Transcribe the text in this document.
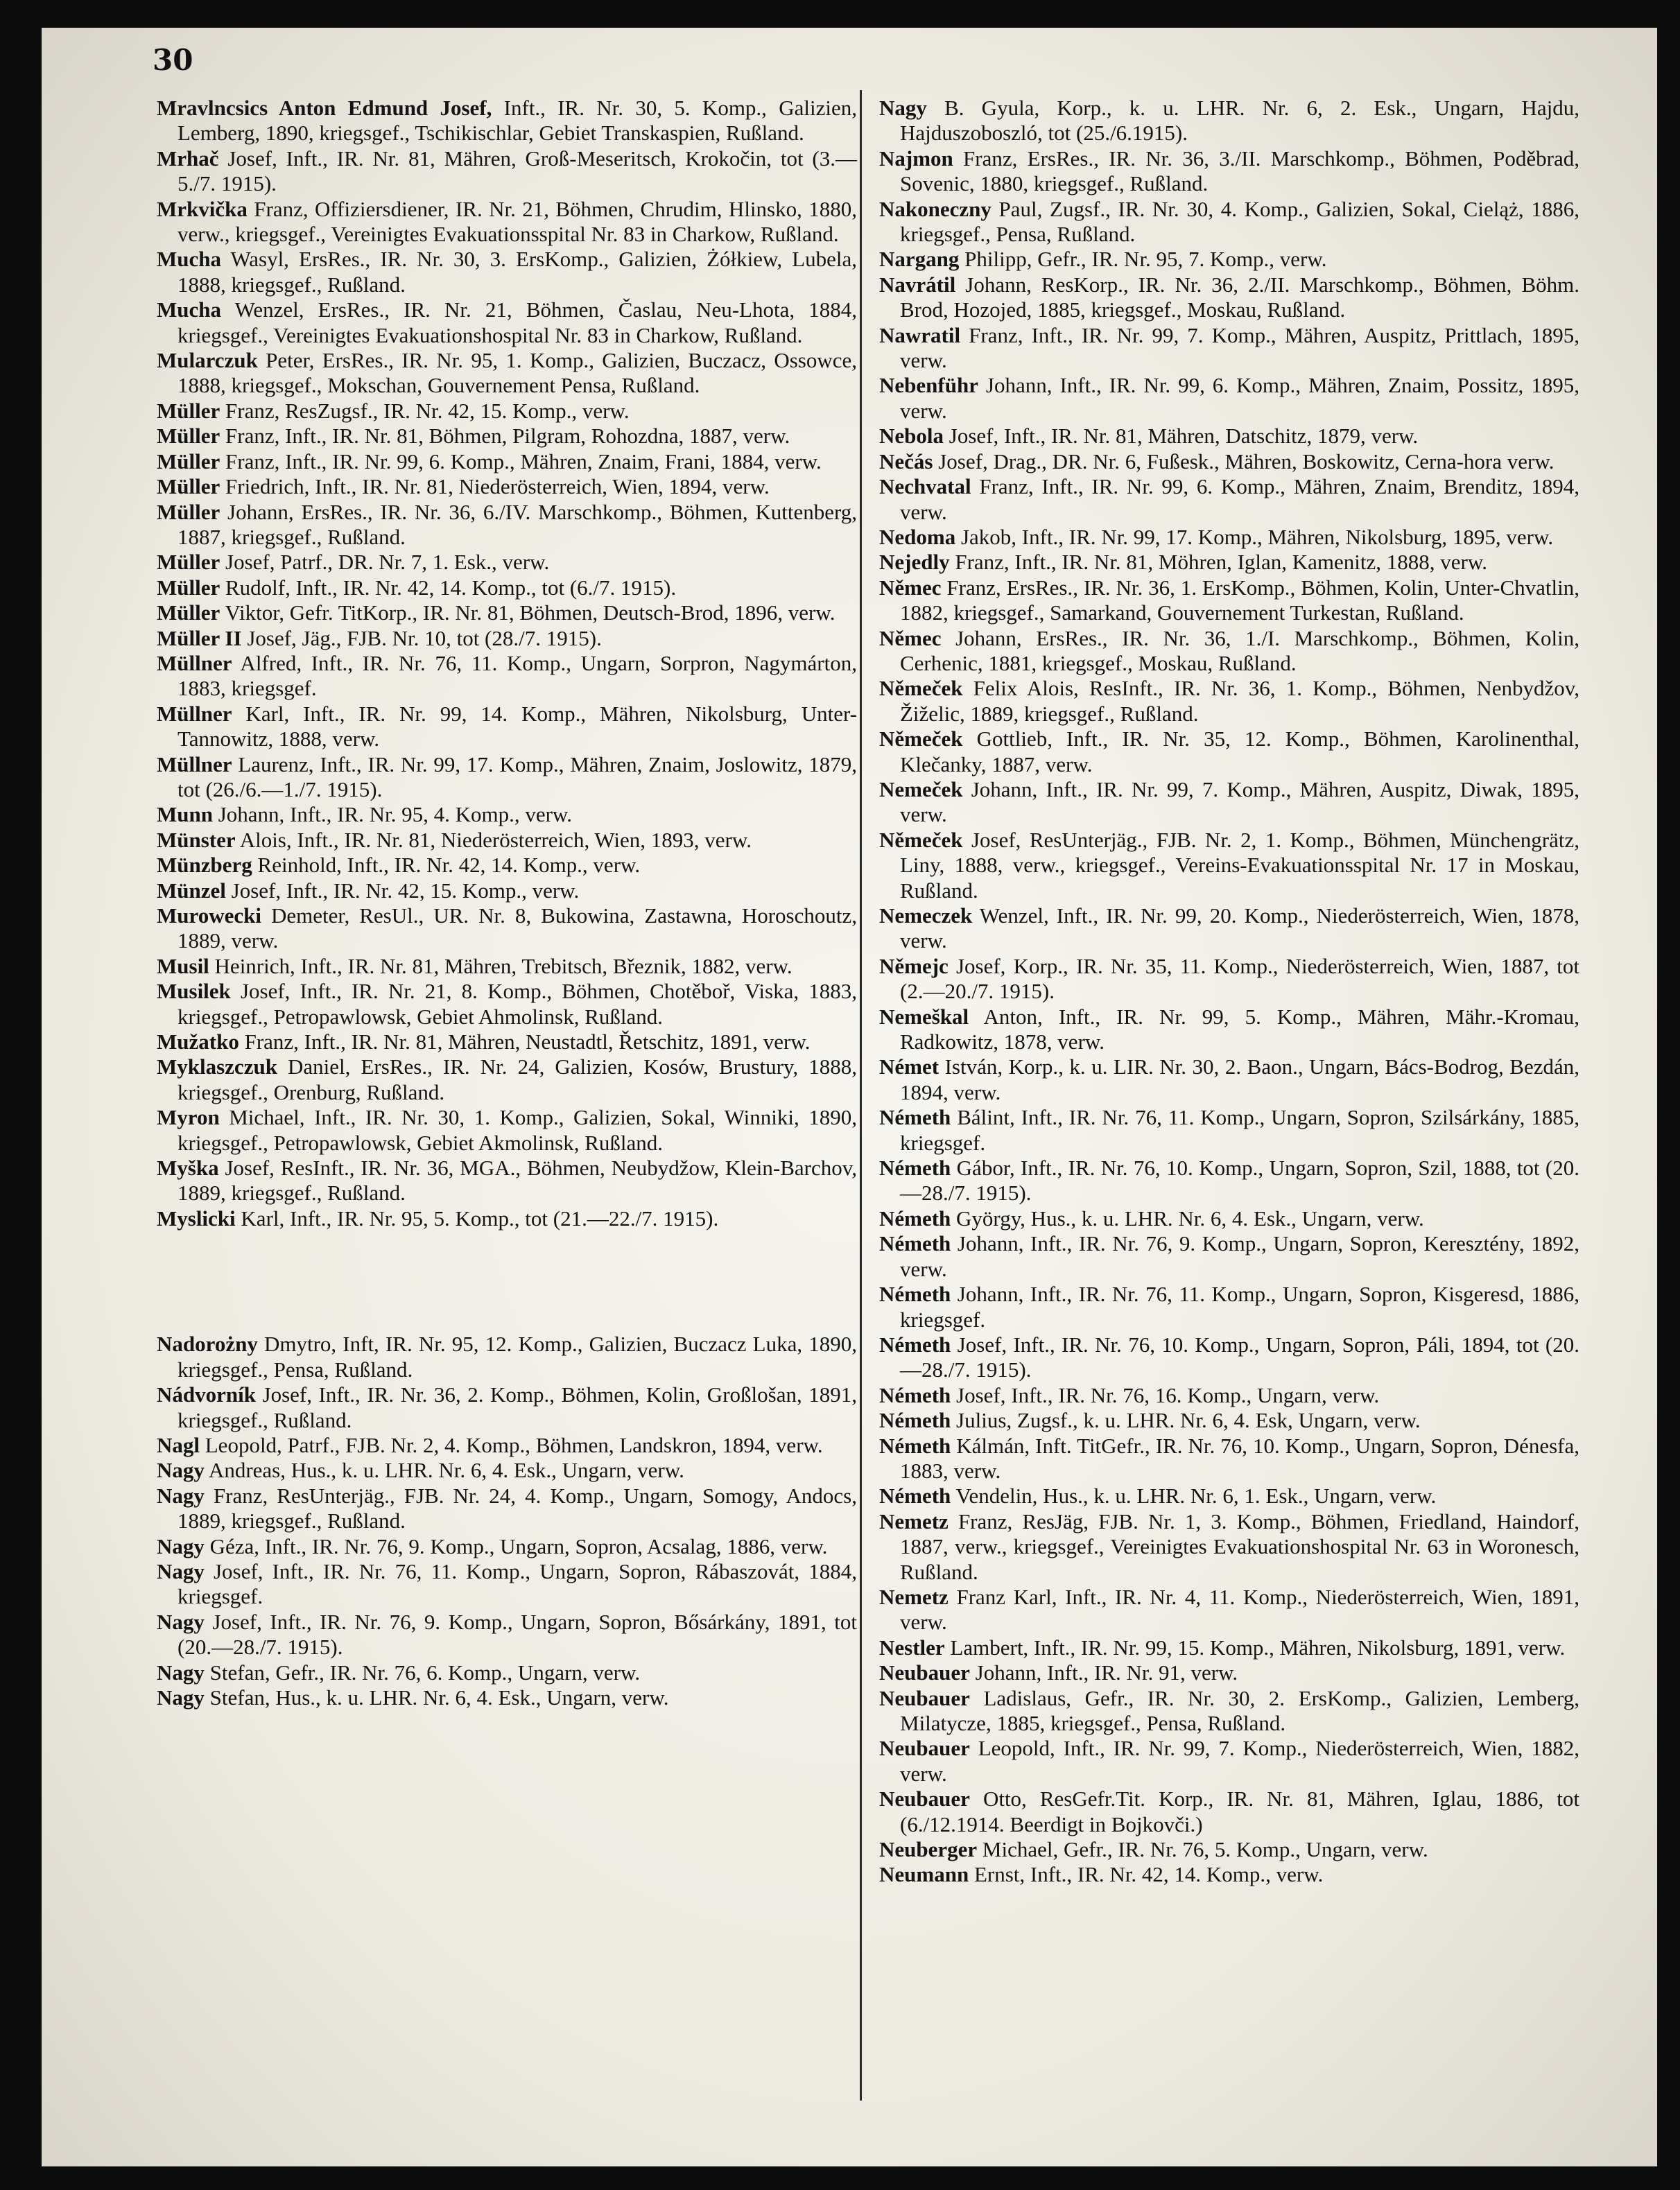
30

Mravlncsics Anton Edmund Josef, Inft., IR. Nr. 30, 5. Komp., Galizien, Lemberg, 1890, kriegsgef., Tschikischlar, Gebiet Transkaspien, Rußland.

Mrhač Josef, Inft., IR. Nr. 81, Mähren, Groß-Meseritsch, Krokočin, tot (3.—5./7. 1915).

Mrkvička Franz, Offiziersdiener, IR. Nr. 21, Böhmen, Chrudim, Hlinsko, 1880, verw., kriegsgef., Vereinigtes Evakuationsspital Nr. 83 in Charkow, Rußland.

Mucha Wasyl, ErsRes., IR. Nr. 30, 3. ErsKomp., Galizien, Żółkiew, Lubela, 1888, kriegsgef., Rußland.

Mucha Wenzel, ErsRes., IR. Nr. 21, Böhmen, Časlau, Neu-Lhota, 1884, kriegsgef., Vereinigtes Evakuationshospital Nr. 83 in Charkow, Rußland.

Mularczuk Peter, ErsRes., IR. Nr. 95, 1. Komp., Galizien, Buczacz, Ossowce, 1888, kriegsgef., Mokschan, Gouvernement Pensa, Rußland.

Müller Franz, ResZugsf., IR. Nr. 42, 15. Komp., verw.

Müller Franz, Inft., IR. Nr. 81, Böhmen, Pilgram, Rohozdna, 1887, verw.

Müller Franz, Inft., IR. Nr. 99, 6. Komp., Mähren, Znaim, Frani, 1884, verw.

Müller Friedrich, Inft., IR. Nr. 81, Niederösterreich, Wien, 1894, verw.

Müller Johann, ErsRes., IR. Nr. 36, 6./IV. Marschkomp., Böhmen, Kuttenberg, 1887, kriegsgef., Rußland.

Müller Josef, Patrf., DR. Nr. 7, 1. Esk., verw.

Müller Rudolf, Inft., IR. Nr. 42, 14. Komp., tot (6./7. 1915).

Müller Viktor, Gefr. TitKorp., IR. Nr. 81, Böhmen, Deutsch-Brod, 1896, verw.

Müller II Josef, Jäg., FJB. Nr. 10, tot (28./7. 1915).

Müllner Alfred, Inft., IR. Nr. 76, 11. Komp., Ungarn, Sorpron, Nagymárton, 1883, kriegsgef.

Müllner Karl, Inft., IR. Nr. 99, 14. Komp., Mähren, Nikolsburg, Unter-Tannowitz, 1888, verw.

Müllner Laurenz, Inft., IR. Nr. 99, 17. Komp., Mähren, Znaim, Joslowitz, 1879, tot (26./6.—1./7. 1915).

Munn Johann, Inft., IR. Nr. 95, 4. Komp., verw.

Münster Alois, Inft., IR. Nr. 81, Niederösterreich, Wien, 1893, verw.

Münzberg Reinhold, Inft., IR. Nr. 42, 14. Komp., verw.

Münzel Josef, Inft., IR. Nr. 42, 15. Komp., verw.

Murowecki Demeter, ResUl., UR. Nr. 8, Bukowina, Zastawna, Horoschoutz, 1889, verw.

Musil Heinrich, Inft., IR. Nr. 81, Mähren, Trebitsch, Březnik, 1882, verw.

Musilek Josef, Inft., IR. Nr. 21, 8. Komp., Böhmen, Chotěboř, Viska, 1883, kriegsgef., Petropawlowsk, Gebiet Ahmolinsk, Rußland.

Mužatko Franz, Inft., IR. Nr. 81, Mähren, Neustadtl, Řetschitz, 1891, verw.

Myklaszczuk Daniel, ErsRes., IR. Nr. 24, Galizien, Kosów, Brustury, 1888, kriegsgef., Orenburg, Rußland.

Myron Michael, Inft., IR. Nr. 30, 1. Komp., Galizien, Sokal, Winniki, 1890, kriegsgef., Petropawlowsk, Gebiet Akmolinsk, Rußland.

Myška Josef, ResInft., IR. Nr. 36, MGA., Böhmen, Neubydžow, Klein-Barchov, 1889, kriegsgef., Rußland.

Myslicki Karl, Inft., IR. Nr. 95, 5. Komp., tot (21.—22./7. 1915).

Nadorożny Dmytro, Inft, IR. Nr. 95, 12. Komp., Galizien, Buczacz Luka, 1890, kriegsgef., Pensa, Rußland.

Nádvorník Josef, Inft., IR. Nr. 36, 2. Komp., Böhmen, Kolin, Großlošan, 1891, kriegsgef., Rußland.

Nagl Leopold, Patrf., FJB. Nr. 2, 4. Komp., Böhmen, Landskron, 1894, verw.

Nagy Andreas, Hus., k. u. LHR. Nr. 6, 4. Esk., Ungarn, verw.

Nagy Franz, ResUnterjäg., FJB. Nr. 24, 4. Komp., Ungarn, Somogy, Andocs, 1889, kriegsgef., Rußland.

Nagy Géza, Inft., IR. Nr. 76, 9. Komp., Ungarn, Sopron, Acsalag, 1886, verw.

Nagy Josef, Inft., IR. Nr. 76, 11. Komp., Ungarn, Sopron, Rábaszovát, 1884, kriegsgef.

Nagy Josef, Inft., IR. Nr. 76, 9. Komp., Ungarn, Sopron, Bősárkány, 1891, tot (20.—28./7. 1915).

Nagy Stefan, Gefr., IR. Nr. 76, 6. Komp., Ungarn, verw.

Nagy Stefan, Hus., k. u. LHR. Nr. 6, 4. Esk., Ungarn, verw.

Nagy B. Gyula, Korp., k. u. LHR. Nr. 6, 2. Esk., Ungarn, Hajdu, Hajduszoboszló, tot (25./6.1915).

Najmon Franz, ErsRes., IR. Nr. 36, 3./II. Marschkomp., Böhmen, Poděbrad, Sovenic, 1880, kriegsgef., Rußland.

Nakoneczny Paul, Zugsf., IR. Nr. 30, 4. Komp., Galizien, Sokal, Cieląż, 1886, kriegsgef., Pensa, Rußland.

Nargang Philipp, Gefr., IR. Nr. 95, 7. Komp., verw.

Navrátil Johann, ResKorp., IR. Nr. 36, 2./II. Marschkomp., Böhmen, Böhm. Brod, Hozojed, 1885, kriegsgef., Moskau, Rußland.

Nawratil Franz, Inft., IR. Nr. 99, 7. Komp., Mähren, Auspitz, Prittlach, 1895, verw.

Nebenführ Johann, Inft., IR. Nr. 99, 6. Komp., Mähren, Znaim, Possitz, 1895, verw.

Nebola Josef, Inft., IR. Nr. 81, Mähren, Datschitz, 1879, verw.

Nečás Josef, Drag., DR. Nr. 6, Fußesk., Mähren, Boskowitz, Cerna-hora verw.

Nechvatal Franz, Inft., IR. Nr. 99, 6. Komp., Mähren, Znaim, Brenditz, 1894, verw.

Nedoma Jakob, Inft., IR. Nr. 99, 17. Komp., Mähren, Nikolsburg, 1895, verw.

Nejedly Franz, Inft., IR. Nr. 81, Möhren, Iglan, Kamenitz, 1888, verw.

Němec Franz, ErsRes., IR. Nr. 36, 1. ErsKomp., Böhmen, Kolin, Unter-Chvatlin, 1882, kriegsgef., Samarkand, Gouvernement Turkestan, Rußland.

Němec Johann, ErsRes., IR. Nr. 36, 1./I. Marschkomp., Böhmen, Kolin, Cerhenic, 1881, kriegsgef., Moskau, Rußland.

Němeček Felix Alois, ResInft., IR. Nr. 36, 1. Komp., Böhmen, Nenbydžov, Žiželic, 1889, kriegsgef., Rußland.

Němeček Gottlieb, Inft., IR. Nr. 35, 12. Komp., Böhmen, Karolinenthal, Klečanky, 1887, verw.

Nemeček Johann, Inft., IR. Nr. 99, 7. Komp., Mähren, Auspitz, Diwak, 1895, verw.

Němeček Josef, ResUnterjäg., FJB. Nr. 2, 1. Komp., Böhmen, Münchengrätz, Liny, 1888, verw., kriegsgef., Vereins-Evakuationsspital Nr. 17 in Moskau, Rußland.

Nemeczek Wenzel, Inft., IR. Nr. 99, 20. Komp., Niederösterreich, Wien, 1878, verw.

Němejc Josef, Korp., IR. Nr. 35, 11. Komp., Niederösterreich, Wien, 1887, tot (2.—20./7. 1915).

Nemeškal Anton, Inft., IR. Nr. 99, 5. Komp., Mähren, Mähr.-Kromau, Radkowitz, 1878, verw.

Német István, Korp., k. u. LIR. Nr. 30, 2. Baon., Ungarn, Bács-Bodrog, Bezdán, 1894, verw.

Németh Bálint, Inft., IR. Nr. 76, 11. Komp., Ungarn, Sopron, Szilsárkány, 1885, kriegsgef.

Németh Gábor, Inft., IR. Nr. 76, 10. Komp., Ungarn, Sopron, Szil, 1888, tot (20.—28./7. 1915).

Németh György, Hus., k. u. LHR. Nr. 6, 4. Esk., Ungarn, verw.

Németh Johann, Inft., IR. Nr. 76, 9. Komp., Ungarn, Sopron, Keresztény, 1892, verw.

Németh Johann, Inft., IR. Nr. 76, 11. Komp., Ungarn, Sopron, Kisgeresd, 1886, kriegsgef.

Németh Josef, Inft., IR. Nr. 76, 10. Komp., Ungarn, Sopron, Páli, 1894, tot (20.—28./7. 1915).

Németh Josef, Inft., IR. Nr. 76, 16. Komp., Ungarn, verw.

Németh Julius, Zugsf., k. u. LHR. Nr. 6, 4. Esk, Ungarn, verw.

Németh Kálmán, Inft. TitGefr., IR. Nr. 76, 10. Komp., Ungarn, Sopron, Dénesfa, 1883, verw.

Németh Vendelin, Hus., k. u. LHR. Nr. 6, 1. Esk., Ungarn, verw.

Nemetz Franz, ResJäg, FJB. Nr. 1, 3. Komp., Böhmen, Friedland, Haindorf, 1887, verw., kriegsgef., Vereinigtes Evakuationshospital Nr. 63 in Woronesch, Rußland.

Nemetz Franz Karl, Inft., IR. Nr. 4, 11. Komp., Niederösterreich, Wien, 1891, verw.

Nestler Lambert, Inft., IR. Nr. 99, 15. Komp., Mähren, Nikolsburg, 1891, verw.

Neubauer Johann, Inft., IR. Nr. 91, verw.

Neubauer Ladislaus, Gefr., IR. Nr. 30, 2. ErsKomp., Galizien, Lemberg, Milatycze, 1885, kriegsgef., Pensa, Rußland.

Neubauer Leopold, Inft., IR. Nr. 99, 7. Komp., Niederösterreich, Wien, 1882, verw.

Neubauer Otto, ResGefr.Tit. Korp., IR. Nr. 81, Mähren, Iglau, 1886, tot (6./12.1914. Beerdigt in Bojkovči.)

Neuberger Michael, Gefr., IR. Nr. 76, 5. Komp., Ungarn, verw.

Neumann Ernst, Inft., IR. Nr. 42, 14. Komp., verw.
